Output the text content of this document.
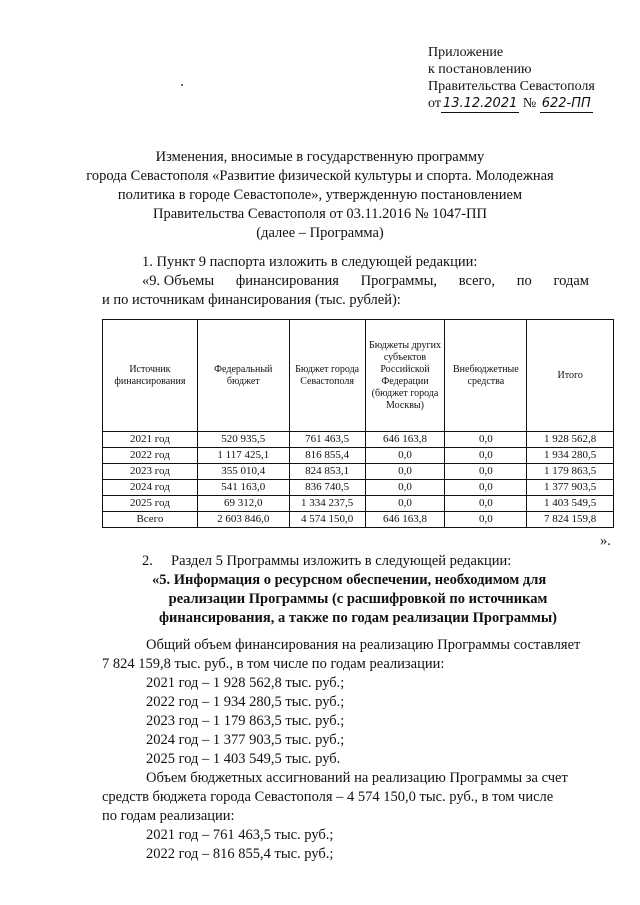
Приложение
к постановлению
Правительства Севастополя
от 13.12.2021 № 622-ПП
Изменения, вносимые в государственную программу
города Севастополя «Развитие физической культуры и спорта. Молодежная
политика в городе Севастополе», утвержденную постановлением
Правительства Севастополя от 03.11.2016 № 1047-ПП
(далее – Программа)
1. Пункт 9 паспорта изложить в следующей редакции:
«9. Объемы      финансирования      Программы,      всего,      по      годам
и по источникам финансирования (тыс. рублей):
Источник финансирования	Федеральный бюджет	Бюджет города Севастополя	Бюджеты других субъектов Российской Федерации (бюджет города Москвы)	Внебюджетные средства	Итого
2021 год	520 935,5	761 463,5	646 163,8	0,0	1 928 562,8
2022 год	1 117 425,1	816 855,4	0,0	0,0	1 934 280,5
2023 год	355 010,4	824 853,1	0,0	0,0	1 179 863,5
2024 год	541 163,0	836 740,5	0,0	0,0	1 377 903,5
2025 год	69 312,0	1 334 237,5	0,0	0,0	1 403 549,5
Всего	2 603 846,0	4 574 150,0	646 163,8	0,0	7 824 159,8
».
2.     Раздел 5 Программы изложить в следующей редакции:
«5. Информация о ресурсном обеспечении, необходимом для
реализации Программы (с расшифровкой по источникам
финансирования, а также по годам реализации Программы)
Общий объем финансирования на реализацию Программы составляет
7 824 159,8 тыс. руб., в том числе по годам реализации:
2021 год – 1 928 562,8 тыс. руб.;
2022 год – 1 934 280,5 тыс. руб.;
2023 год – 1 179 863,5 тыс. руб.;
2024 год – 1 377 903,5 тыс. руб.;
2025 год – 1 403 549,5 тыс. руб.
Объем бюджетных ассигнований на реализацию Программы за счет
средств бюджета города Севастополя – 4 574 150,0 тыс. руб., в том числе
по годам реализации:
2021 год – 761 463,5 тыс. руб.;
2022 год – 816 855,4 тыс. руб.;
